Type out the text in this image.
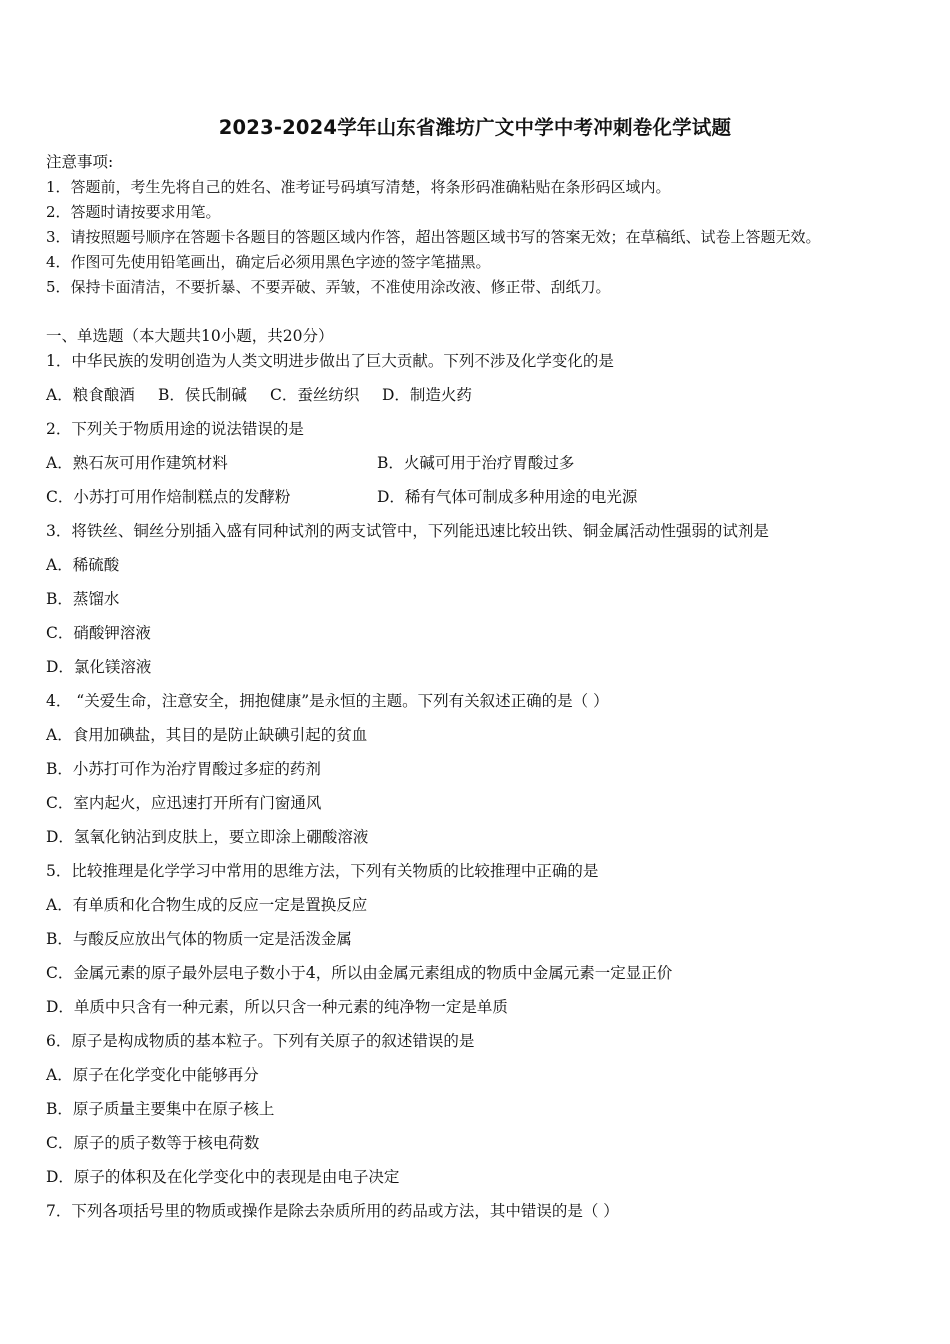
2023-2024学年山东省潍坊广文中学中考冲刺卷化学试题
注意事项:
1．答题前，考生先将自己的姓名、准考证号码填写清楚，将条形码准确粘贴在条形码区域内。
2．答题时请按要求用笔。
3．请按照题号顺序在答题卡各题目的答题区域内作答，超出答题区域书写的答案无效；在草稿纸、试卷上答题无效。
4．作图可先使用铅笔画出，确定后必须用黑色字迹的签字笔描黑。
5．保持卡面清洁，不要折暴、不要弄破、弄皱，不准使用涂改液、修正带、刮纸刀。
一、单选题（本大题共10小题，共20分）
1．中华民族的发明创造为人类文明进步做出了巨大贡献。下列不涉及化学变化的是
A．粮食酿酒 B．侯氏制碱 C．蚕丝纺织 D．制造火药
2．下列关于物质用途的说法错误的是
A．熟石灰可用作建筑材料	B．火碱可用于治疗胃酸过多
C．小苏打可用作焙制糕点的发酵粉	D．稀有气体可制成多种用途的电光源
3．将铁丝、铜丝分别插入盛有同种试剂的两支试管中，下列能迅速比较出铁、铜金属活动性强弱的试剂是
A．稀硫酸
B．蒸馏水
C．硝酸钾溶液
D．氯化镁溶液
4． “关爱生命，注意安全，拥抱健康”是永恒的主题。下列有关叙述正确的是（ ）
A．食用加碘盐，其目的是防止缺碘引起的贫血
B．小苏打可作为治疗胃酸过多症的药剂
C．室内起火，应迅速打开所有门窗通风
D．氢氧化钠沾到皮肤上，要立即涂上硼酸溶液
5．比较推理是化学学习中常用的思维方法，下列有关物质的比较推理中正确的是
A．有单质和化合物生成的反应一定是置换反应
B．与酸反应放出气体的物质一定是活泼金属
C．金属元素的原子最外层电子数小于4，所以由金属元素组成的物质中金属元素一定显正价
D．单质中只含有一种元素，所以只含一种元素的纯净物一定是单质
6．原子是构成物质的基本粒子。下列有关原子的叙述错误的是
A．原子在化学变化中能够再分
B．原子质量主要集中在原子核上
C．原子的质子数等于核电荷数
D．原子的体积及在化学变化中的表现是由电子决定
7．下列各项括号里的物质或操作是除去杂质所用的药品或方法，其中错误的是（ ）
